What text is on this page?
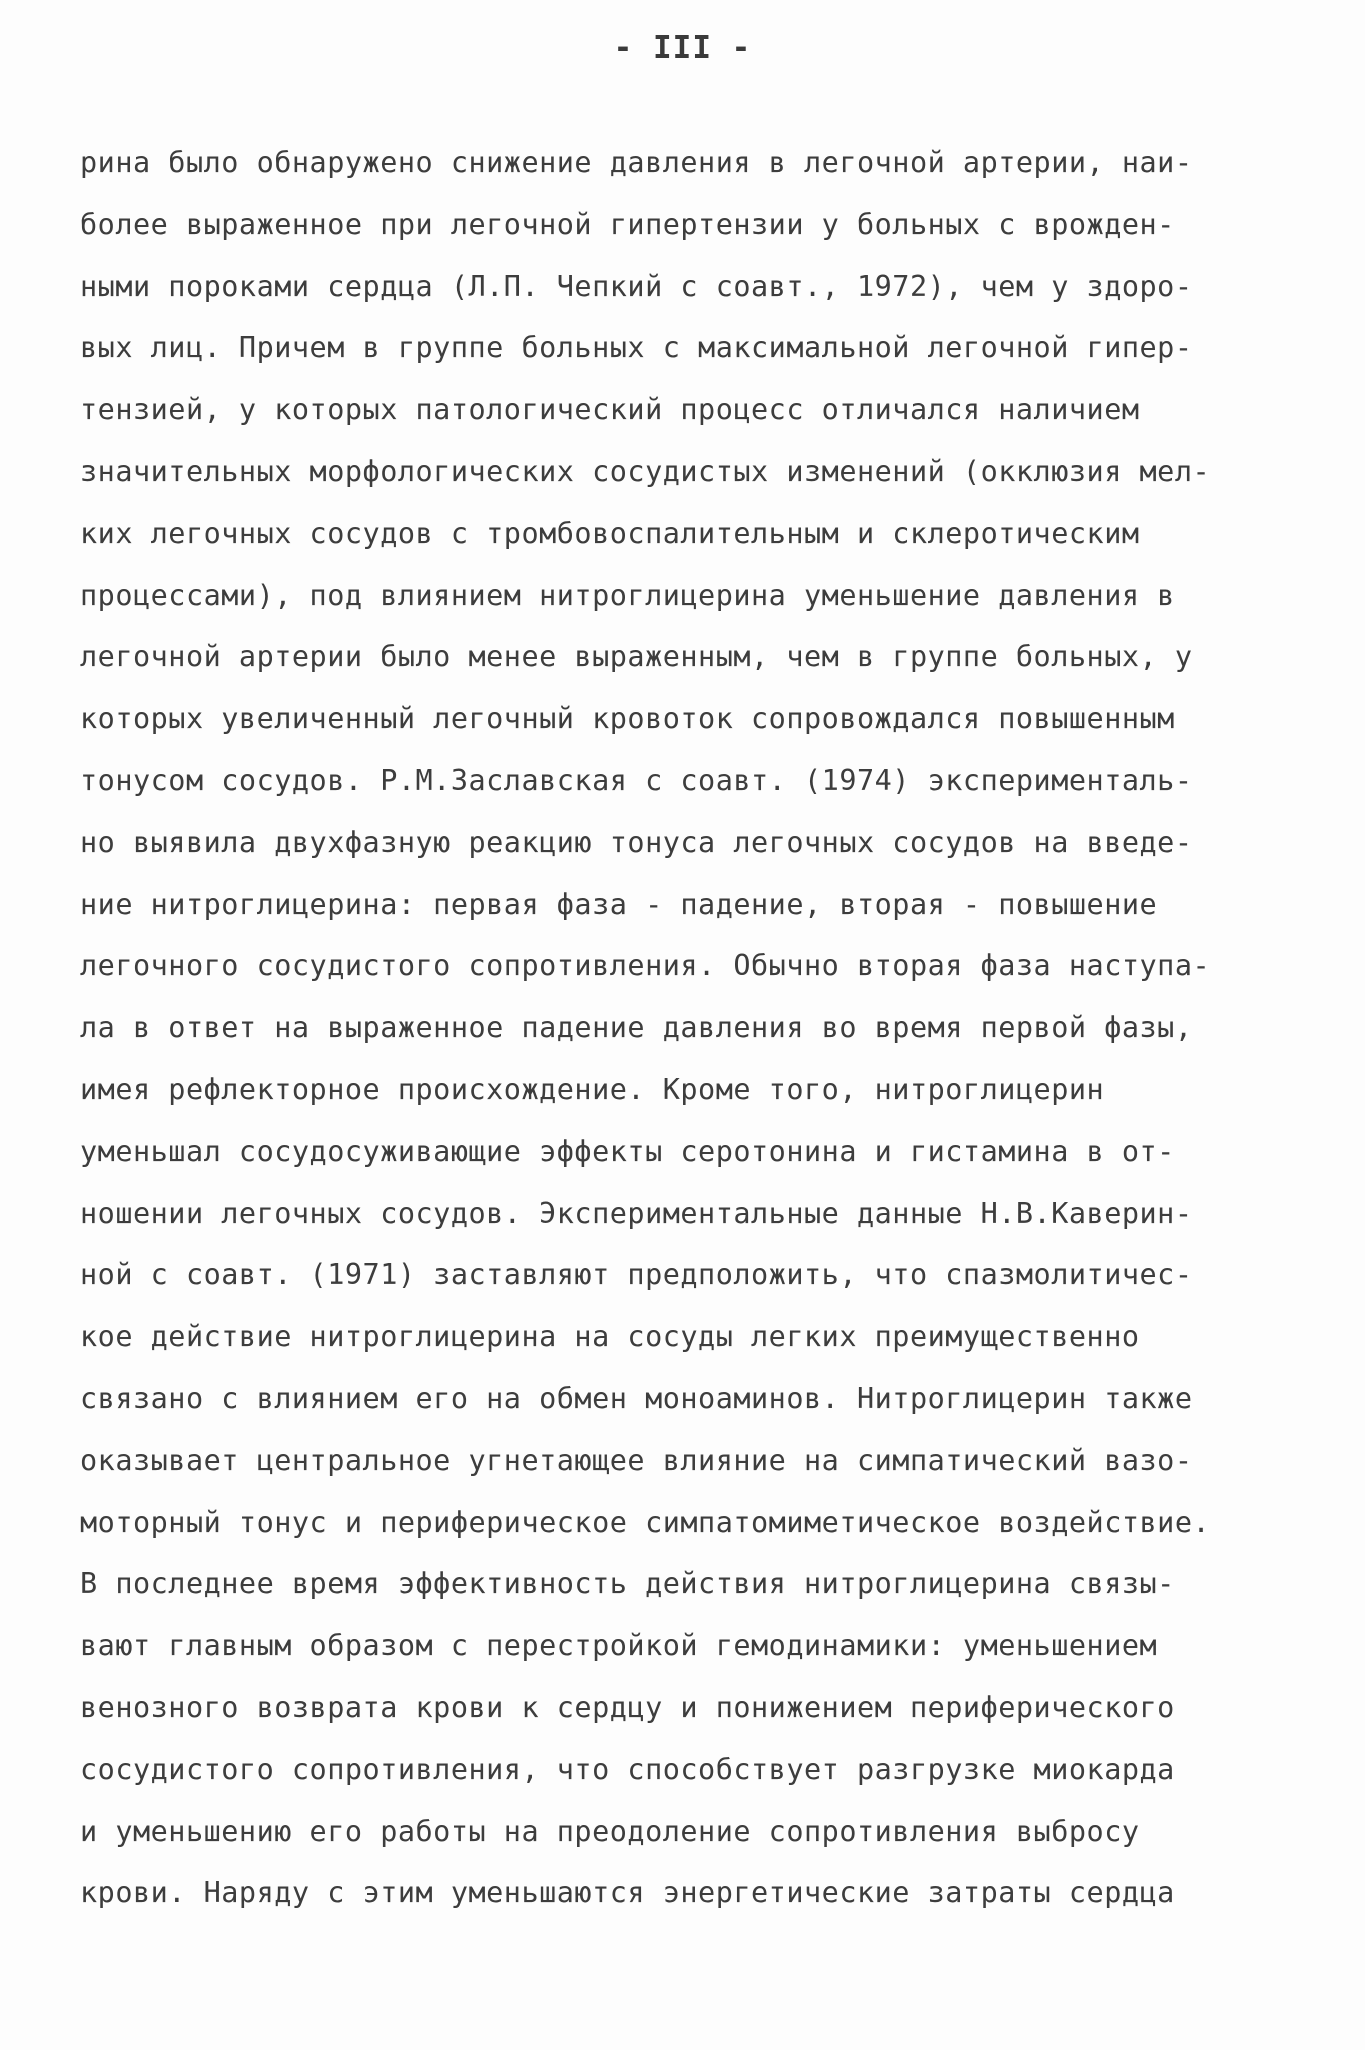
- III -
рина было обнаружено снижение давления в легочной артерии, наи-
более выраженное при легочной гипертензии у больных с врожден-
ными пороками сердца (Л.П. Чепкий с соавт., 1972), чем у здоро-
вых лиц. Причем в группе больных с максимальной легочной гипер-
тензией, у которых патологический процесс отличался наличием
значительных морфологических сосудистых изменений (окклюзия мел-
ких легочных сосудов с тромбовоспалительным и склеротическим
процессами), под влиянием нитроглицерина уменьшение давления в
легочной артерии было менее выраженным, чем в группе больных, у
которых увеличенный легочный кровоток сопровождался повышенным
тонусом сосудов. Р.М.Заславская с соавт. (1974) эксперименталь-
но выявила двухфазную реакцию тонуса легочных сосудов на введе-
ние нитроглицерина: первая фаза - падение, вторая - повышение
легочного сосудистого сопротивления. Обычно вторая фаза наступа-
ла в ответ на выраженное падение давления во время первой фазы,
имея рефлекторное происхождение. Кроме того, нитроглицерин
уменьшал сосудосуживающие эффекты серотонина и гистамина в от-
ношении легочных сосудов. Экспериментальные данные Н.В.Каверин-
ной с соавт. (1971) заставляют предположить, что спазмолитичес-
кое действие нитроглицерина на сосуды легких преимущественно
связано с влиянием его на обмен моноаминов. Нитроглицерин также
оказывает центральное угнетающее влияние на симпатический вазо-
моторный тонус и периферическое симпатомиметическое воздействие.
В последнее время эффективность действия нитроглицерина связы-
вают главным образом с перестройкой гемодинамики: уменьшением
венозного возврата крови к сердцу и понижением периферического
сосудистого сопротивления, что способствует разгрузке миокарда
и уменьшению его работы на преодоление сопротивления выбросу
крови. Наряду с этим уменьшаются энергетические затраты сердца
